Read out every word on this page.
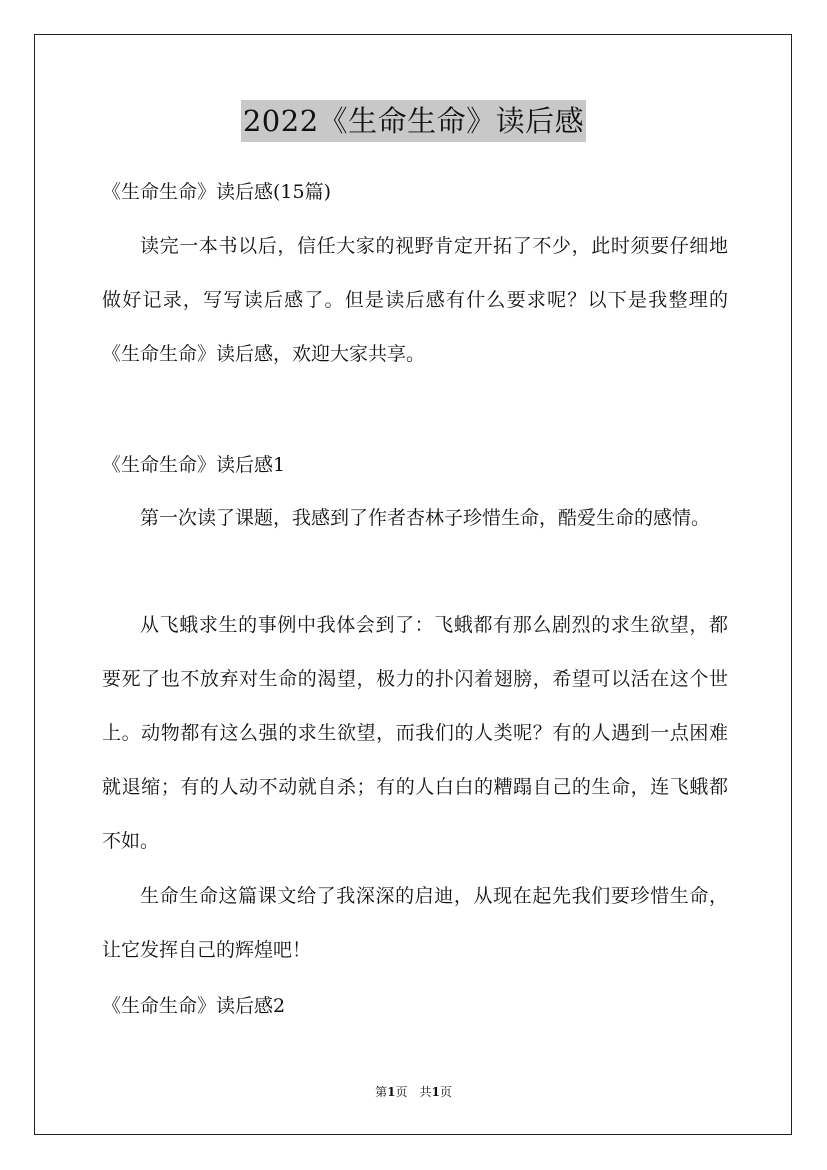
2022《生命生命》读后感
《生命生命》读后感(15篇)

读完一本书以后，信任大家的视野肯定开拓了不少，此时须要仔细地做好记录，写写读后感了。但是读后感有什么要求呢？以下是我整理的《生命生命》读后感，欢迎大家共享。

《生命生命》读后感1

第一次读了课题，我感到了作者杏林子珍惜生命，酷爱生命的感情。

从飞蛾求生的事例中我体会到了：飞蛾都有那么剧烈的求生欲望，都要死了也不放弃对生命的渴望，极力的扑闪着翅膀，希望可以活在这个世上。动物都有这么强的求生欲望，而我们的人类呢？有的人遇到一点困难就退缩；有的人动不动就自杀；有的人白白的糟蹋自己的生命，连飞蛾都不如。

生命生命这篇课文给了我深深的启迪，从现在起先我们要珍惜生命，让它发挥自己的辉煌吧！

《生命生命》读后感2
第1页　共1页
